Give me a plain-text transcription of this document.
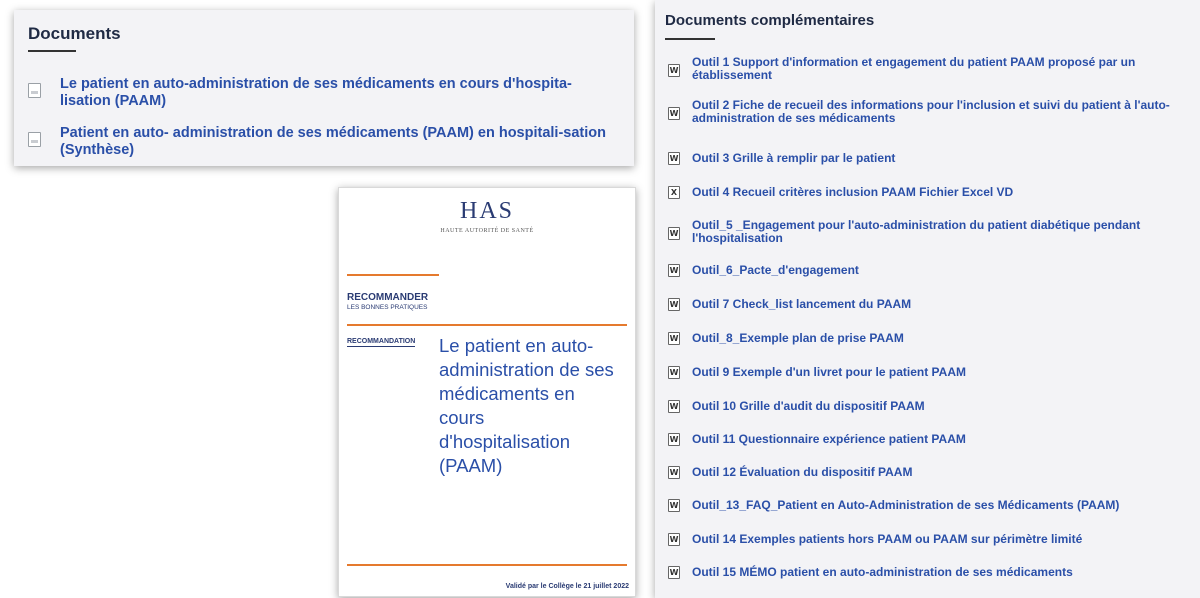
Documents
Le patient en auto-administration de ses médicaments en cours d'hospita-lisation (PAAM)
Patient en auto- administration de ses médicaments (PAAM) en hospitali-sation (Synthèse)
HAS
HAUTE AUTORITÉ DE SANTÉ
RECOMMANDER
LES BONNES PRATIQUES
RECOMMANDATION Le patient en auto-administration de ses médicaments en cours d'hospitalisation (PAAM)
Validé par le Collège le 21 juillet 2022
Documents complémentaires
W
Outil 1 Support d'information et engagement du patient PAAM proposé par un établissement
W
Outil 2 Fiche de recueil des informations pour l'inclusion et suivi du patient à l'auto-administration de ses médicaments
W Outil 3 Grille à remplir par le patient
X Outil 4 Recueil critères inclusion PAAM Fichier Excel VD
W
Outil_5 _Engagement pour l'auto-administration du patient diabétique pendant l'hospitalisation
W Outil_6_Pacte_d'engagement
W Outil 7 Check_list lancement du PAAM
W Outil_8_Exemple plan de prise PAAM
W Outil 9 Exemple d'un livret pour le patient PAAM
W Outil 10 Grille d'audit du dispositif PAAM
W Outil 11 Questionnaire expérience patient PAAM
W Outil 12 Évaluation du dispositif PAAM
W Outil_13_FAQ_Patient en Auto-Administration de ses Médicaments (PAAM)
W Outil 14 Exemples patients hors PAAM ou PAAM sur périmètre limité
W Outil 15 MÉMO patient en auto-administration de ses médicaments
